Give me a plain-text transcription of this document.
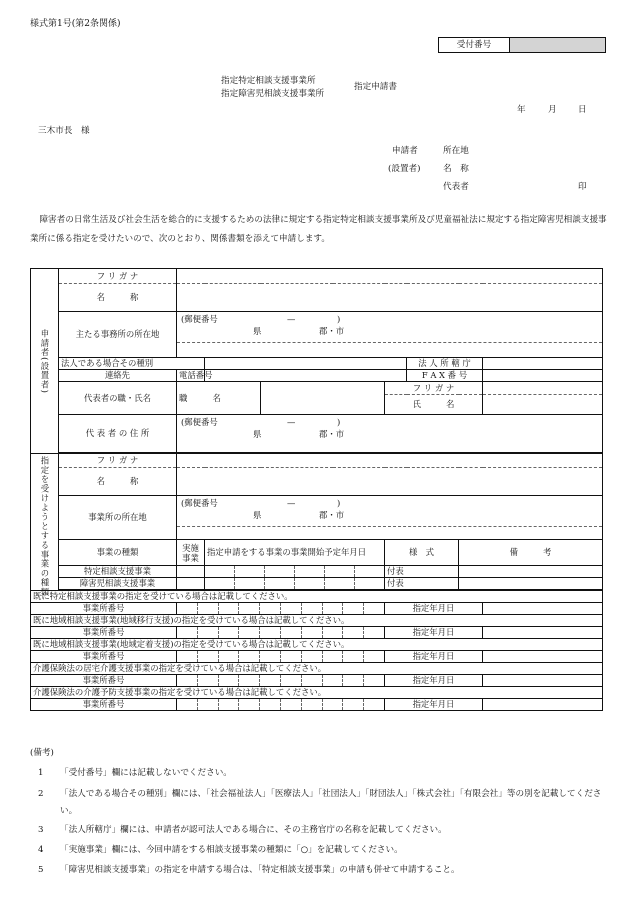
様式第1号(第2条関係)
受付番号
指定特定相談支援事業所
指定障害児相談支援事業所
指定申請書
年	月 日
三木市長　様
申請者	所在地
(設置者)	名　称
代表者	印
障害者の日常生活及び社会生活を総合的に支援するための法律に規定する指定特定相談支援事業所及び児童福祉法に規定する指定障害児相談支援事業所に係る指定を受けたいので、次のとおり、関係書類を添えて申請します。
申請者(設置者)	フ リ ガ ナ							
	名　　　称							
	主たる事務所の所在地	(郵便番号 — )
県 郡・市						

	法人である場合その種別					法 人 所 轄 庁		
	連絡先	電話番号				F A X 番 号		
	代表者の職・氏名	職　　　名			フ リ ガ ナ			
					氏　　　名			
	代 表 者 の 住 所	(郵便番号 — )
県 郡・市						

指定を受けようとする事業の種類	フ リ ガ ナ							
	名　　　称							
	事業所の所在地	(郵便番号 — )
県 郡・市						

	事業の種類	実施事業	指定申請をする事業の事業開始予定年月日		様　式		備　　　考	
	特定相談支援事業				付表			
	障害児相談支援事業				付表			

既に特定相談支援事業の指定を受けている場合は記載してください。								
事業所番号					指定年月日			
既に地域相談支援事業(地域移行支援)の指定を受けている場合は記載してください。								
事業所番号					指定年月日			
既に地域相談支援事業(地域定着支援)の指定を受けている場合は記載してください。								
事業所番号					指定年月日			
介護保険法の居宅介護支援事業の指定を受けている場合は記載してください。								
事業所番号					指定年月日			
介護保険法の介護予防支援事業の指定を受けている場合は記載してください。								
事業所番号					指定年月日			
(備考)
1 「受付番号」欄には記載しないでください。
2 「法人である場合その種別」欄には、「社会福祉法人」「医療法人」「社団法人」「財団法人」「株式会社」「有限会社」等の別を記載してください。
3 「法人所轄庁」欄には、申請者が認可法人である場合に、その主務官庁の名称を記載してください。
4 「実施事業」欄には、今回申請をする相談支援事業の種類に「○」を記載してください。
5 「障害児相談支援事業」の指定を申請する場合は、「特定相談支援事業」の申請も併せて申請すること。
